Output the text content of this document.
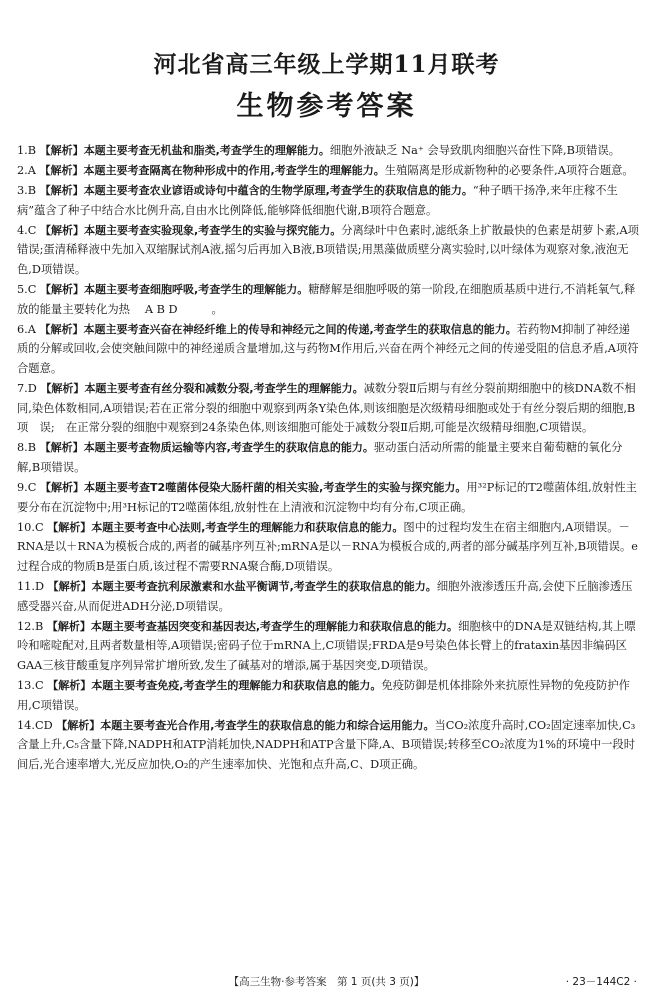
河北省高三年级上学期11月联考
生物参考答案
1.B 【解析】本题主要考查无机盐和脂类,考查学生的理解能力。细胞外液缺乏 Na⁺ 会导致肌肉细胞兴奋性下降,B项错误。
2.A 【解析】本题主要考查隔离在物种形成中的作用,考查学生的理解能力。生殖隔离是形成新物种的必要条件,A项符合题意。
3.B 【解析】本题主要考查农业谚语或诗句中蕴含的生物学原理,考查学生的获取信息的能力。“种子晒干扬净,来年庄稼不生病”蕴含了种子中结合水比例升高,自由水比例降低,能够降低细胞代谢,B项符合题意。
4.C 【解析】本题主要考查实验现象,考查学生的实验与探究能力。分离绿叶中色素时,滤纸条上扩散最快的色素是胡萝卜素,A项错误;蛋清稀释液中先加入双缩脲试剂A液,摇匀后再加入B液,B项错误;用黑藻做质壁分离实验时,以叶绿体为观察对象,液泡无色,D项错误。
5.C 【解析】本题主要考查细胞呼吸,考查学生的理解能力。糖酵解是细胞呼吸的第一阶段,在细胞质基质中进行,不消耗氧气,释放的能量主要转化为热　 A B D　　　。
6.A 【解析】本题主要考查兴奋在神经纤维上的传导和神经元之间的传递,考查学生的获取信息的能力。若药物M抑制了神经递质的分解或回收,会使突触间隙中的神经递质含量增加,这与药物M作用后,兴奋在两个神经元之间的传递受阻的信息矛盾,A项符合题意。
7.D 【解析】本题主要考查有丝分裂和减数分裂,考查学生的理解能力。减数分裂Ⅱ后期与有丝分裂前期细胞中的核DNA数不相同,染色体数相同,A项错误;若在正常分裂的细胞中观察到两条Y染色体,则该细胞是次级精母细胞或处于有丝分裂后期的细胞,B项　误;　在正常分裂的细胞中观察到24条染色体,则该细胞可能处于减数分裂Ⅱ后期,可能是次级精母细胞,C项错误。
8.B 【解析】本题主要考查物质运输等内容,考查学生的获取信息的能力。驱动蛋白活动所需的能量主要来自葡萄糖的氧化分解,B项错误。
9.C 【解析】本题主要考查T2噬菌体侵染大肠杆菌的相关实验,考查学生的实验与探究能力。用³²P标记的T2噬菌体组,放射性主要分布在沉淀物中;用³H标记的T2噬菌体组,放射性在上清液和沉淀物中均有分布,C项正确。
10.C 【解析】本题主要考查中心法则,考查学生的理解能力和获取信息的能力。图中的过程均发生在宿主细胞内,A项错误。－RNA是以＋RNA为模板合成的,两者的碱基序列互补;mRNA是以－RNA为模板合成的,两者的部分碱基序列互补,B项错误。e过程合成的物质B是蛋白质,该过程不需要RNA聚合酶,D项错误。
11.D 【解析】本题主要考查抗利尿激素和水盐平衡调节,考查学生的获取信息的能力。细胞外液渗透压升高,会使下丘脑渗透压感受器兴奋,从而促进ADH分泌,D项错误。
12.B 【解析】本题主要考查基因突变和基因表达,考查学生的理解能力和获取信息的能力。细胞核中的DNA是双链结构,其上嘌呤和嘧啶配对,且两者数量相等,A项错误;密码子位于mRNA上,C项错误;FRDA是9号染色体长臂上的frataxin基因非编码区GAA三核苷酸重复序列异常扩增所致,发生了碱基对的增添,属于基因突变,D项错误。
13.C 【解析】本题主要考查免疫,考查学生的理解能力和获取信息的能力。免疫防御是机体排除外来抗原性异物的免疫防护作用,C项错误。
14.CD 【解析】本题主要考查光合作用,考查学生的获取信息的能力和综合运用能力。当CO₂浓度升高时,CO₂固定速率加快,C₃含量上升,C₅含量下降,NADPH和ATP消耗加快,NADPH和ATP含量下降,A、B项错误;转移至CO₂浓度为1%的环境中一段时间后,光合速率增大,光反应加快,O₂的产生速率加快、光饱和点升高,C、D项正确。
【高三生物·参考答案　第 1 页(共 3 页)】	· 23－144C2 ·
